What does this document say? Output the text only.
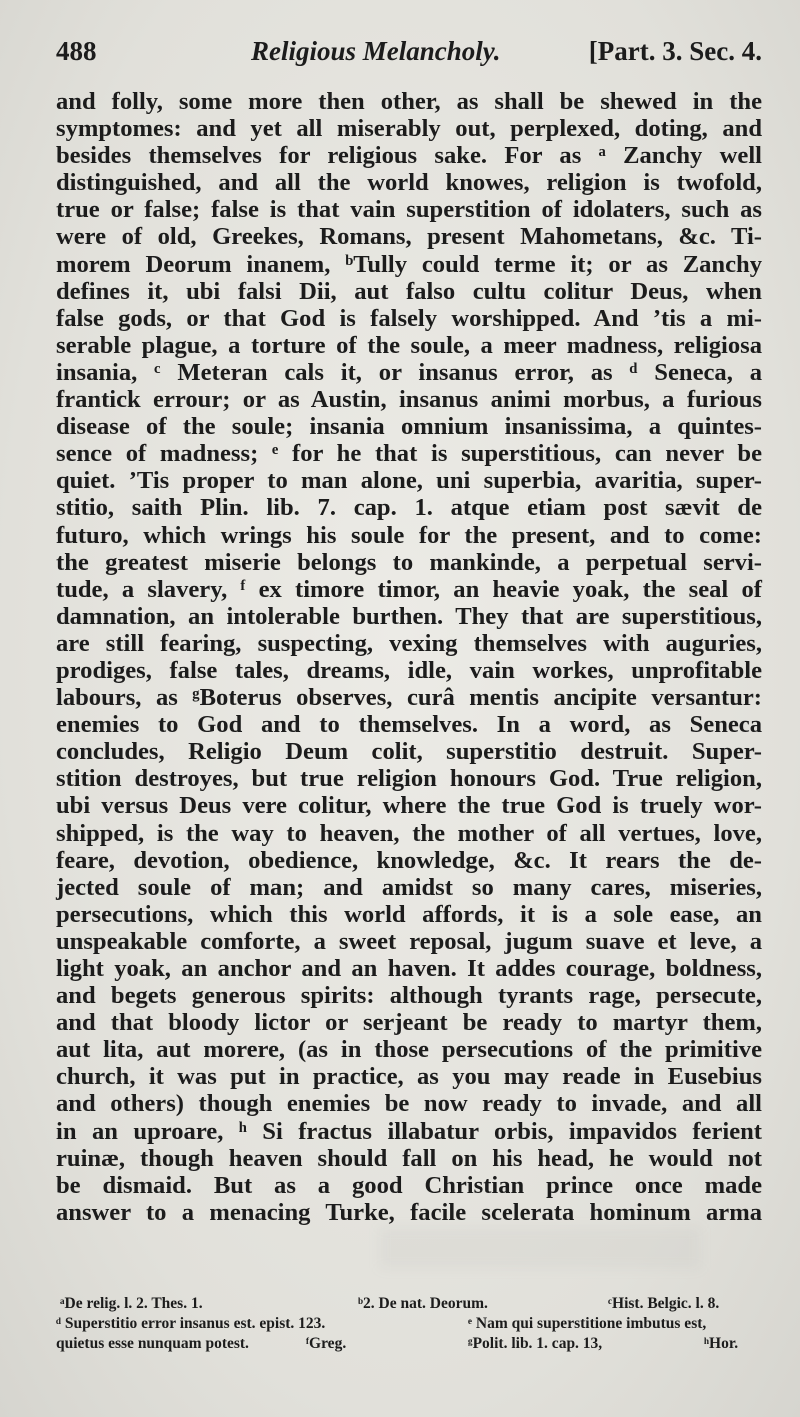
488	Religious Melancholy.	[Part. 3. Sec. 4.
and folly, some more then other, as shall be shewed in the
symptomes: and yet all miserably out, perplexed, doting, and
besides themselves for religious sake. For as ᵃ Zanchy well
distinguished, and all the world knowes, religion is twofold,
true or false; false is that vain superstition of idolaters, such as
were of old, Greekes, Romans, present Mahometans, &c. Ti-
morem Deorum inanem, ᵇTully could terme it; or as Zanchy
defines it, ubi falsi Dii, aut falso cultu colitur Deus, when
false gods, or that God is falsely worshipped. And ’tis a mi-
serable plague, a torture of the soule, a meer madness, religiosa
insania, ᶜ Meteran cals it, or insanus error, as ᵈ Seneca, a
frantick errour; or as Austin, insanus animi morbus, a furious
disease of the soule; insania omnium insanissima, a quintes-
sence of madness; ᵉ for he that is superstitious, can never be
quiet. ’Tis proper to man alone, uni superbia, avaritia, super-
stitio, saith Plin. lib. 7. cap. 1. atque etiam post sævit de
futuro, which wrings his soule for the present, and to come:
the greatest miserie belongs to mankinde, a perpetual servi-
tude, a slavery, ᶠ ex timore timor, an heavie yoak, the seal of
damnation, an intolerable burthen. They that are superstitious,
are still fearing, suspecting, vexing themselves with auguries,
prodiges, false tales, dreams, idle, vain workes, unprofitable
labours, as ᵍBoterus observes, curâ mentis ancipite versantur:
enemies to God and to themselves. In a word, as Seneca
concludes, Religio Deum colit, superstitio destruit. Super-
stition destroyes, but true religion honours God. True religion,
ubi versus Deus vere colitur, where the true God is truely wor-
shipped, is the way to heaven, the mother of all vertues, love,
feare, devotion, obedience, knowledge, &c. It rears the de-
jected soule of man; and amidst so many cares, miseries,
persecutions, which this world affords, it is a sole ease, an
unspeakable comforte, a sweet reposal, jugum suave et leve, a
light yoak, an anchor and an haven. It addes courage, boldness,
and begets generous spirits: although tyrants rage, persecute,
and that bloody lictor or serjeant be ready to martyr them,
aut lita, aut morere, (as in those persecutions of the primitive
church, it was put in practice, as you may reade in Eusebius
and others) though enemies be now ready to invade, and all
in an uproare, ʰ Si fractus illabatur orbis, impavidos ferient
ruinæ, though heaven should fall on his head, he would not
be dismaid. But as a good Christian prince once made
answer to a menacing Turke, facile scelerata hominum arma
ᵃDe relig. l. 2. Thes. 1.	ᵇ2. De nat. Deorum.	ᶜHist. Belgic. l. 8.
ᵈ Superstitio error insanus est. epist. 123.	ᵉ Nam qui superstitione imbutus est,
quietus esse nunquam potest.	ᶠGreg.	ᵍPolit. lib. 1. cap. 13,	ʰHor.
